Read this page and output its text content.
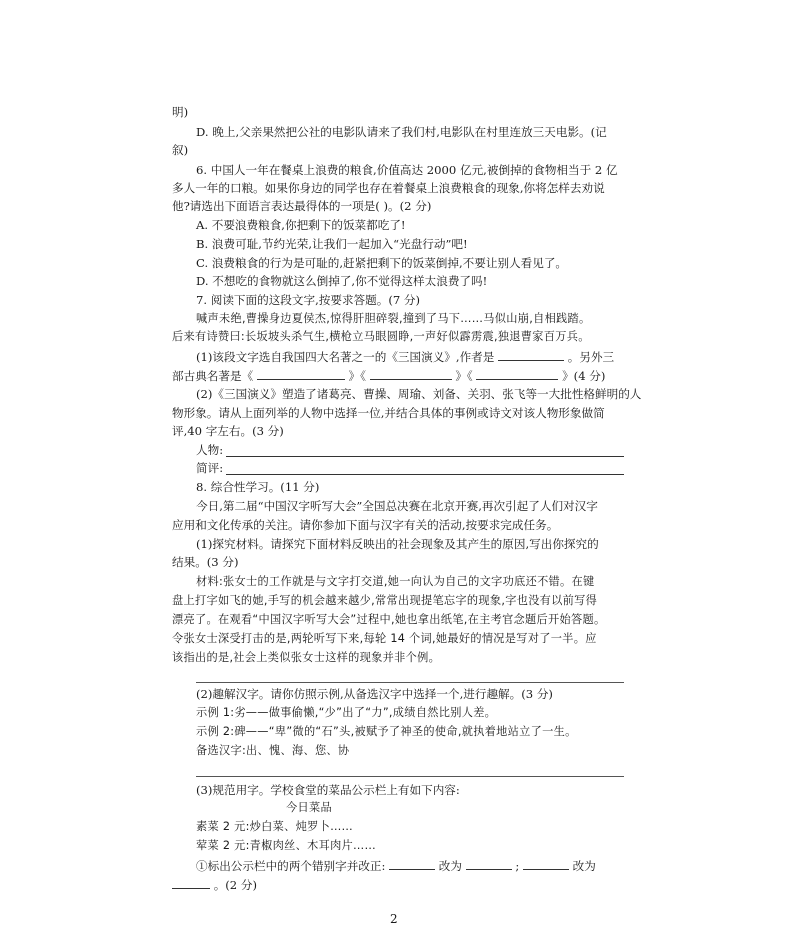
明)
D. 晚上,父亲果然把公社的电影队请来了我们村,电影队在村里连放三天电影。(记
叙)
6. 中国人一年在餐桌上浪费的粮食,价值高达 2000 亿元,被倒掉的食物相当于 2 亿
多人一年的口粮。如果你身边的同学也存在着餐桌上浪费粮食的现象,你将怎样去劝说
他?请选出下面语言表达最得体的一项是( )。(2 分)
A. 不要浪费粮食,你把剩下的饭菜都吃了!
B. 浪费可耻,节约光荣,让我们一起加入“光盘行动”吧!
C. 浪费粮食的行为是可耻的,赶紧把剩下的饭菜倒掉,不要让别人看见了。
D. 不想吃的食物就这么倒掉了,你不觉得这样太浪费了吗!
7. 阅读下面的这段文字,按要求答题。(7 分)
喊声未绝,曹操身边夏侯杰,惊得肝胆碎裂,撞到了马下……马似山崩,自相践踏。
后来有诗赞曰:长坂坡头杀气生,横枪立马眼圆睁,一声好似霹雳震,独退曹家百万兵。
(1)该段文字选自我国四大名著之一的《三国演义》,作者是	。另外三
部古典名著是《	》《	》《	》(4 分)
(2)《三国演义》塑造了诸葛亮、曹操、周瑜、刘备、关羽、张飞等一大批性格鲜明的人
物形象。请从上面列举的人物中选择一位,并结合具体的事例或诗文对该人物形象做简
评,40 字左右。(3 分)
人物:
简评:
8. 综合性学习。(11 分)
今日,第二届“中国汉字听写大会”全国总决赛在北京开赛,再次引起了人们对汉字
应用和文化传承的关注。请你参加下面与汉字有关的活动,按要求完成任务。
(1)探究材料。请探究下面材料反映出的社会现象及其产生的原因,写出你探究的
结果。(3 分)
材料:张女士的工作就是与文字打交道,她一向认为自己的文字功底还不错。在键
盘上打字如飞的她,手写的机会越来越少,常常出现提笔忘字的现象,字也没有以前写得
漂亮了。在观看“中国汉字听写大会”过程中,她也拿出纸笔,在主考官念题后开始答题。
令张女士深受打击的是,两轮听写下来,每轮 14 个词,她最好的情况是写对了一半。应
该指出的是,社会上类似张女士这样的现象并非个例。
(2)趣解汉字。请你仿照示例,从备选汉字中选择一个,进行趣解。(3 分)
示例 1:劣——做事偷懒,“少”出了“力”,成绩自然比别人差。
示例 2:碑——“卑”微的“石”头,被赋予了神圣的使命,就执着地站立了一生。
备选汉字:出、愧、海、您、协
(3)规范用字。学校食堂的菜品公示栏上有如下内容:
今日菜品
素菜 2 元:炒白菜、炖罗卜……
荤菜 2 元:青椒肉丝、木耳肉片……
①标出公示栏中的两个错别字并改正:	改为	;	改为
。(2 分)
2
